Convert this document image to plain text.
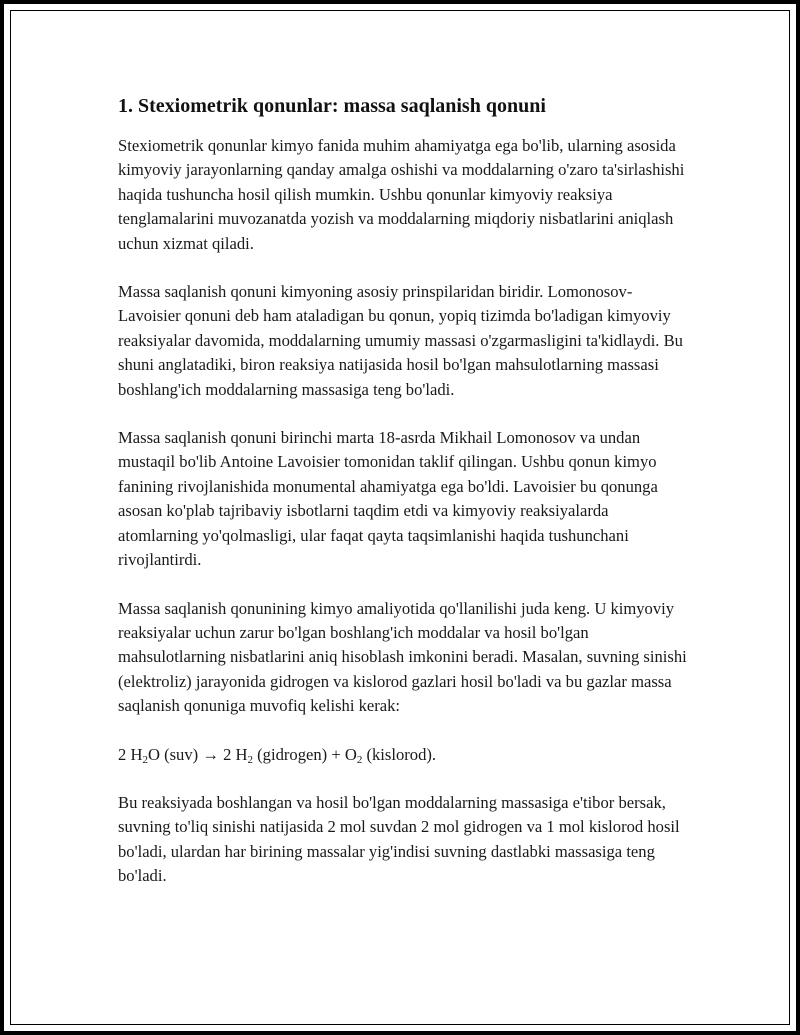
1. Stexiometrik qonunlar: massa saqlanish qonuni

Stexiometrik qonunlar kimyo fanida muhim ahamiyatga ega bo'lib, ularning asosida kimyoviy jarayonlarning qanday amalga oshishi va moddalarning o'zaro ta'sirlashishi haqida tushuncha hosil qilish mumkin. Ushbu qonunlar kimyoviy reaksiya tenglamalarini muvozanatda yozish va moddalarning miqdoriy nisbatlarini aniqlash uchun xizmat qiladi.

Massa saqlanish qonuni kimyoning asosiy prinspilaridan biridir. Lomonosov-Lavoisier qonuni deb ham ataladigan bu qonun, yopiq tizimda bo'ladigan kimyoviy reaksiyalar davomida, moddalarning umumiy massasi o'zgarmasligini ta'kidlaydi. Bu shuni anglatadiki, biron reaksiya natijasida hosil bo'lgan mahsulotlarning massasi boshlang'ich moddalarning massasiga teng bo'ladi.

Massa saqlanish qonuni birinchi marta 18-asrda Mikhail Lomonosov va undan mustaqil bo'lib Antoine Lavoisier tomonidan taklif qilingan. Ushbu qonun kimyo fanining rivojlanishida monumental ahamiyatga ega bo'ldi. Lavoisier bu qonunga asosan ko'plab tajribaviy isbotlarni taqdim etdi va kimyoviy reaksiyalarda atomlarning yo'qolmasligi, ular faqat qayta taqsimlanishi haqida tushunchani rivojlantirdi.

Massa saqlanish qonunining kimyo amaliyotida qo'llanilishi juda keng. U kimyoviy reaksiyalar uchun zarur bo'lgan boshlang'ich moddalar va hosil bo'lgan mahsulotlarning nisbatlarini aniq hisoblash imkonini beradi. Masalan, suvning sinishi (elektroliz) jarayonida gidrogen va kislorod gazlari hosil bo'ladi va bu gazlar massa saqlanish qonuniga muvofiq kelishi kerak:

2 $H_2O$ (suv) → 2 $H_2$ (gidrogen) + $O_2$ (kislorod).

Bu reaksiyada boshlangan va hosil bo'lgan moddalarning massasiga e'tibor bersak, suvning to'liq sinishi natijasida 2 mol suvdan 2 mol gidrogen va 1 mol kislorod hosil bo'ladi, ulardan har birining massalar yig'indisi suvning dastlabki massasiga teng bo'ladi.
